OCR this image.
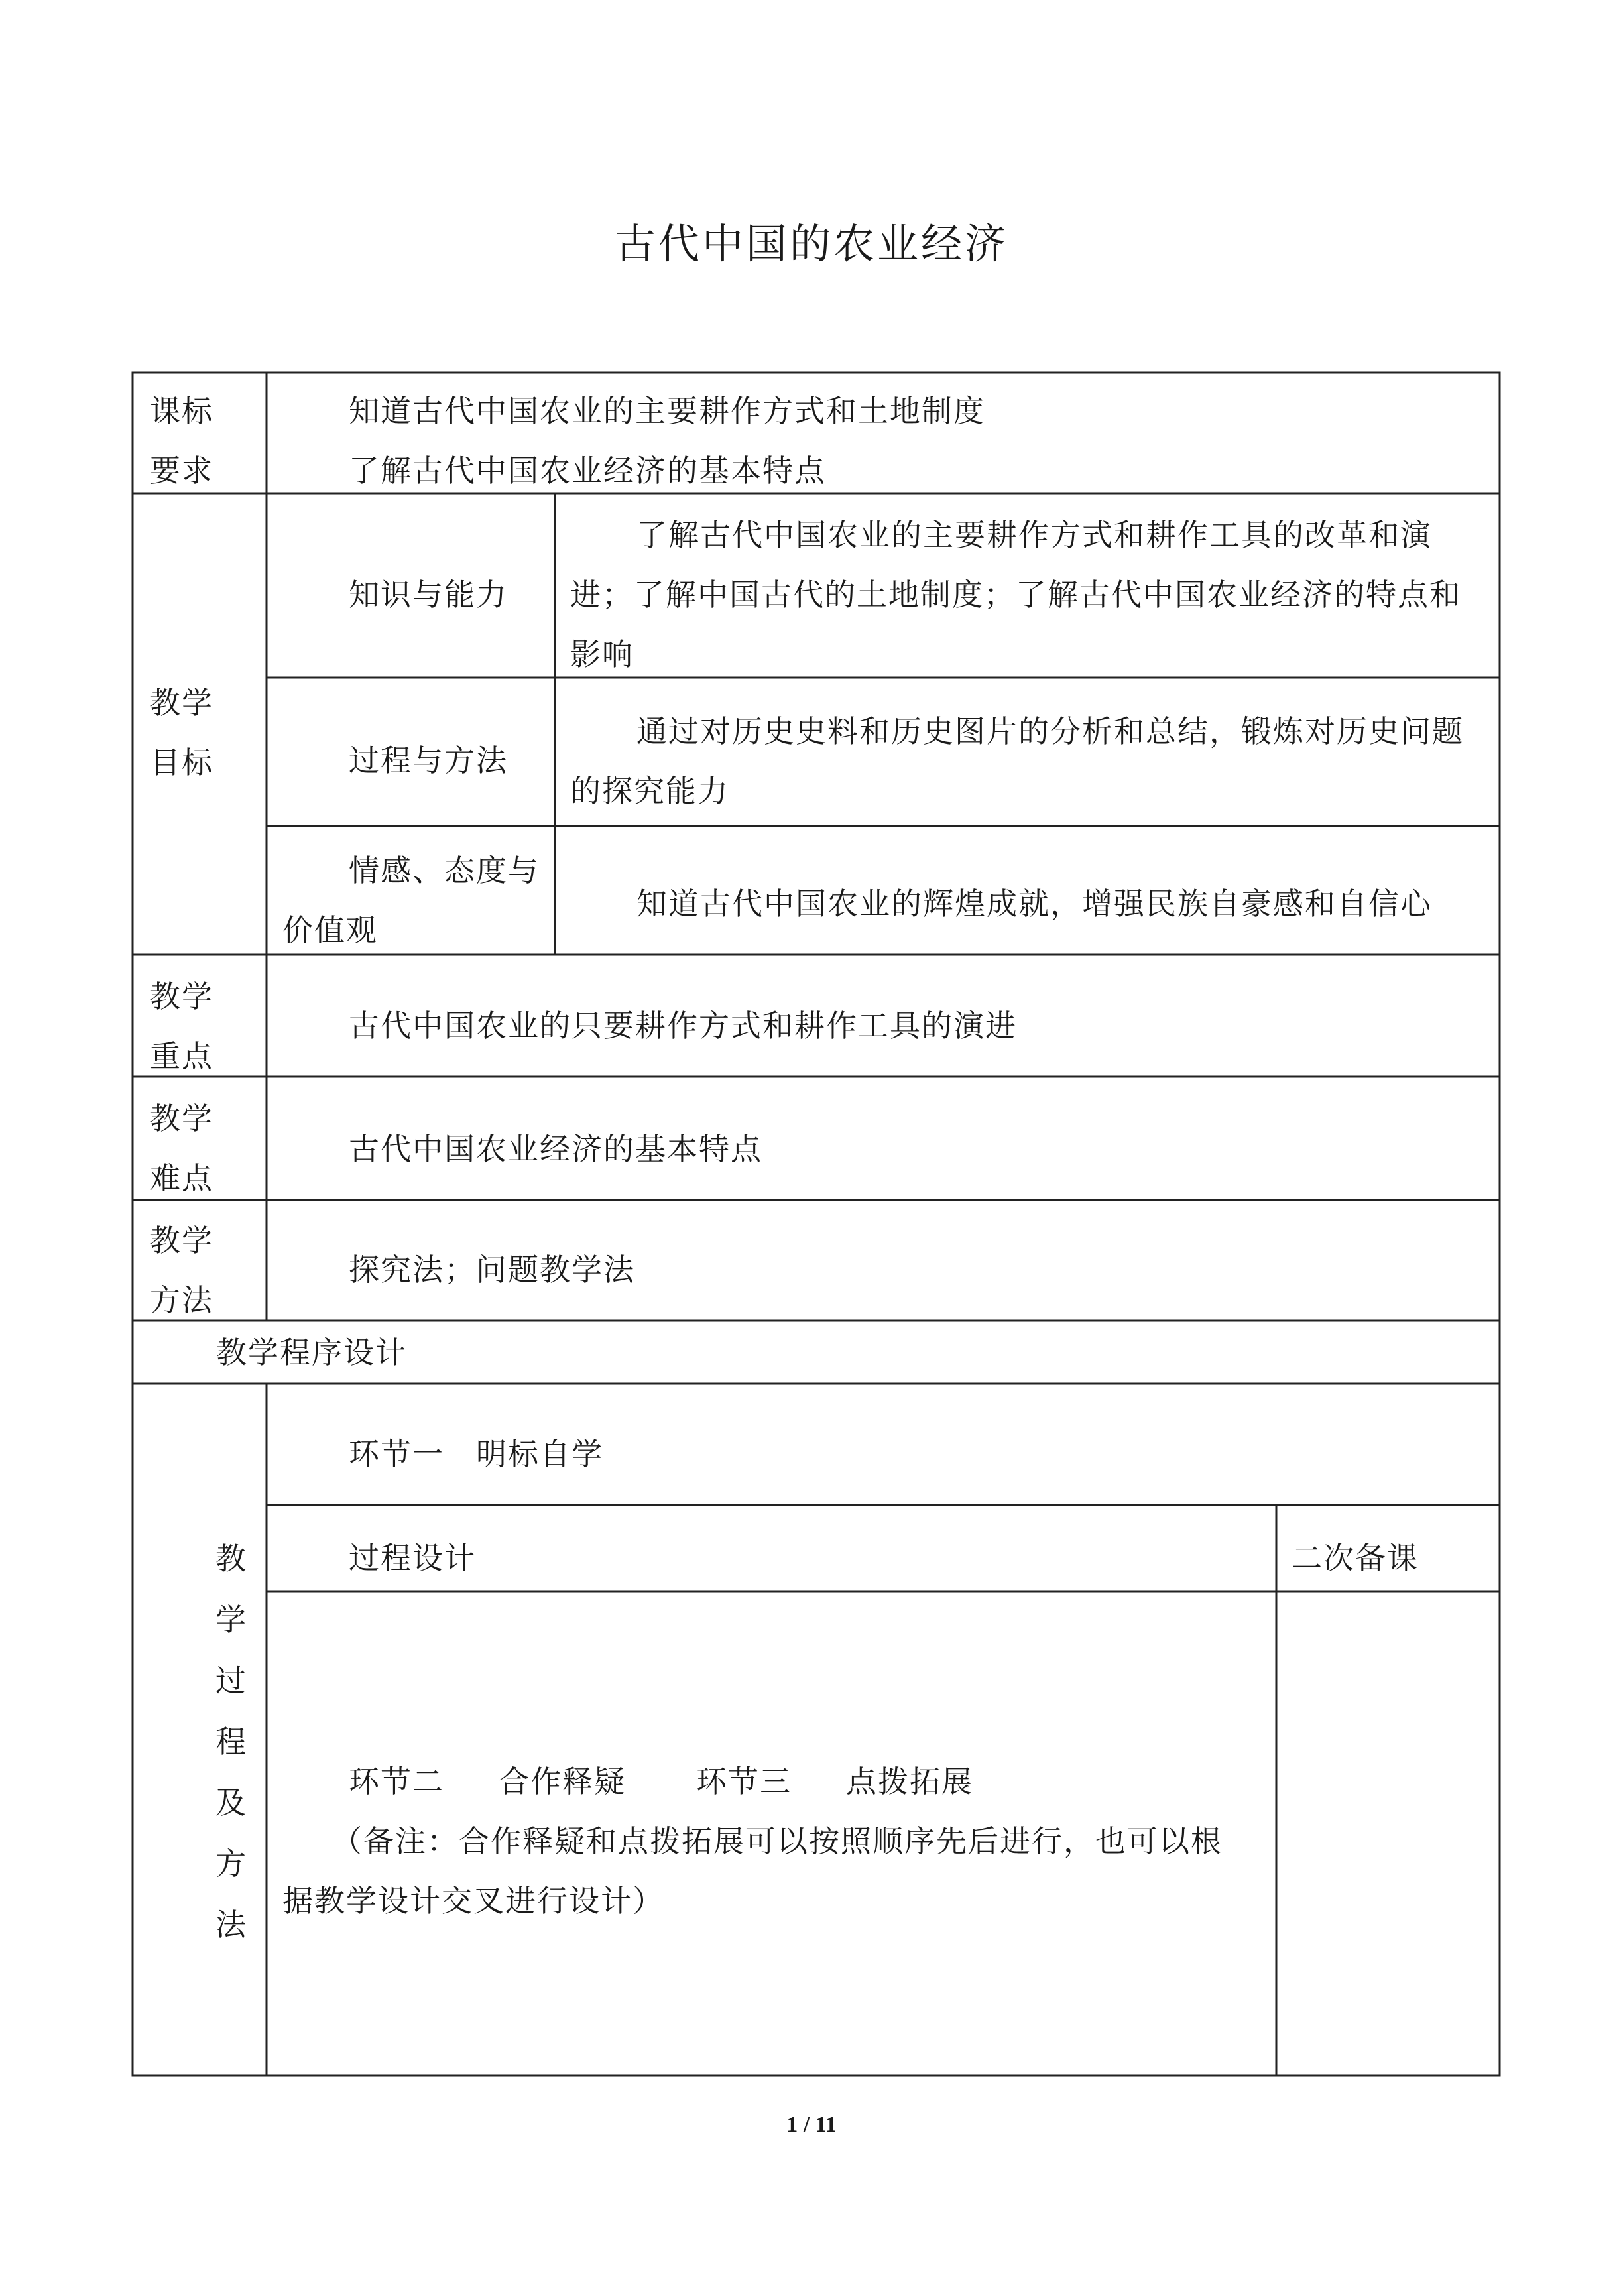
古代中国的农业经济
课标
要求
知道古代中国农业的主要耕作方式和土地制度
了解古代中国农业经济的基本特点
教学
目标
知识与能力
了解古代中国农业的主要耕作方式和耕作工具的改革和演
进；了解中国古代的土地制度；了解古代中国农业经济的特点和
影响
过程与方法
通过对历史史料和历史图片的分析和总结，锻炼对历史问题
的探究能力
情感、态度与
价值观
知道古代中国农业的辉煌成就，增强民族自豪感和自信心
教学
重点
古代中国农业的只要耕作方式和耕作工具的演进
教学
难点
古代中国农业经济的基本特点
教学
方法
探究法；问题教学法
教学程序设计
教
学
过
程
及
方
法
环节一　明标自学
过程设计	二次备课
环节二 合作释疑 环节三 点拨拓展
（备注：合作释疑和点拨拓展可以按照顺序先后进行，也可以根
据教学设计交叉进行设计）
1 / 11
